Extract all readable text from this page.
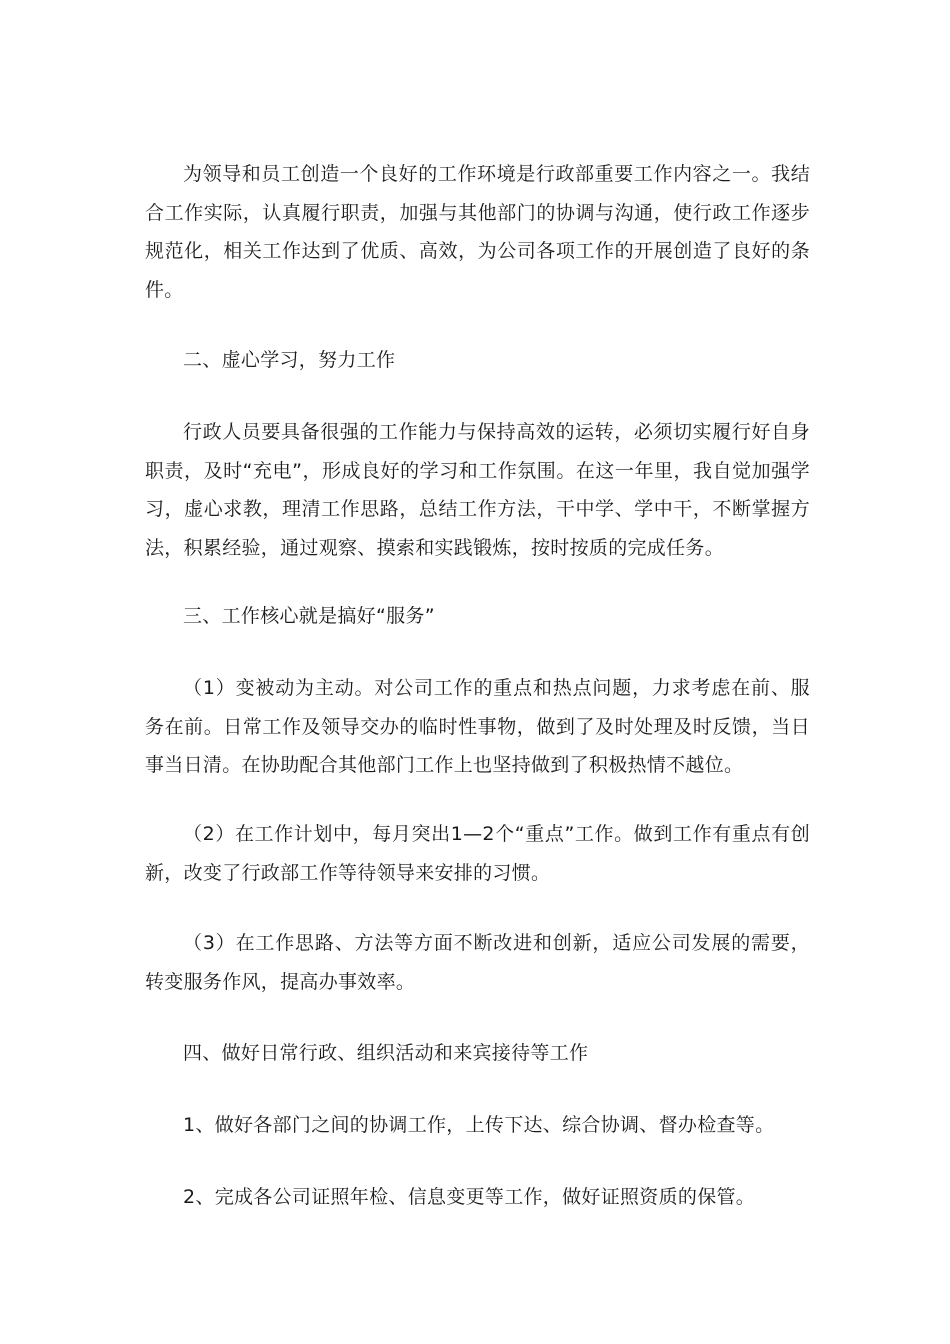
为领导和员工创造一个良好的工作环境是行政部重要工作内容之一。我结合工作实际，认真履行职责，加强与其他部门的协调与沟通，使行政工作逐步规范化，相关工作达到了优质、高效，为公司各项工作的开展创造了良好的条件。

二、虚心学习，努力工作

行政人员要具备很强的工作能力与保持高效的运转，必须切实履行好自身职责，及时“充电”，形成良好的学习和工作氛围。在这一年里，我自觉加强学习，虚心求教，理清工作思路，总结工作方法，干中学、学中干，不断掌握方法，积累经验，通过观察、摸索和实践锻炼，按时按质的完成任务。

三、工作核心就是搞好“服务”

（1）变被动为主动。对公司工作的重点和热点问题，力求考虑在前、服务在前。日常工作及领导交办的临时性事物，做到了及时处理及时反馈，当日事当日清。在协助配合其他部门工作上也坚持做到了积极热情不越位。

（2）在工作计划中，每月突出1—2个“重点”工作。做到工作有重点有创新，改变了行政部工作等待领导来安排的习惯。

（3）在工作思路、方法等方面不断改进和创新，适应公司发展的需要，转变服务作风，提高办事效率。

四、做好日常行政、组织活动和来宾接待等工作

1、做好各部门之间的协调工作，上传下达、综合协调、督办检查等。

2、完成各公司证照年检、信息变更等工作，做好证照资质的保管。
